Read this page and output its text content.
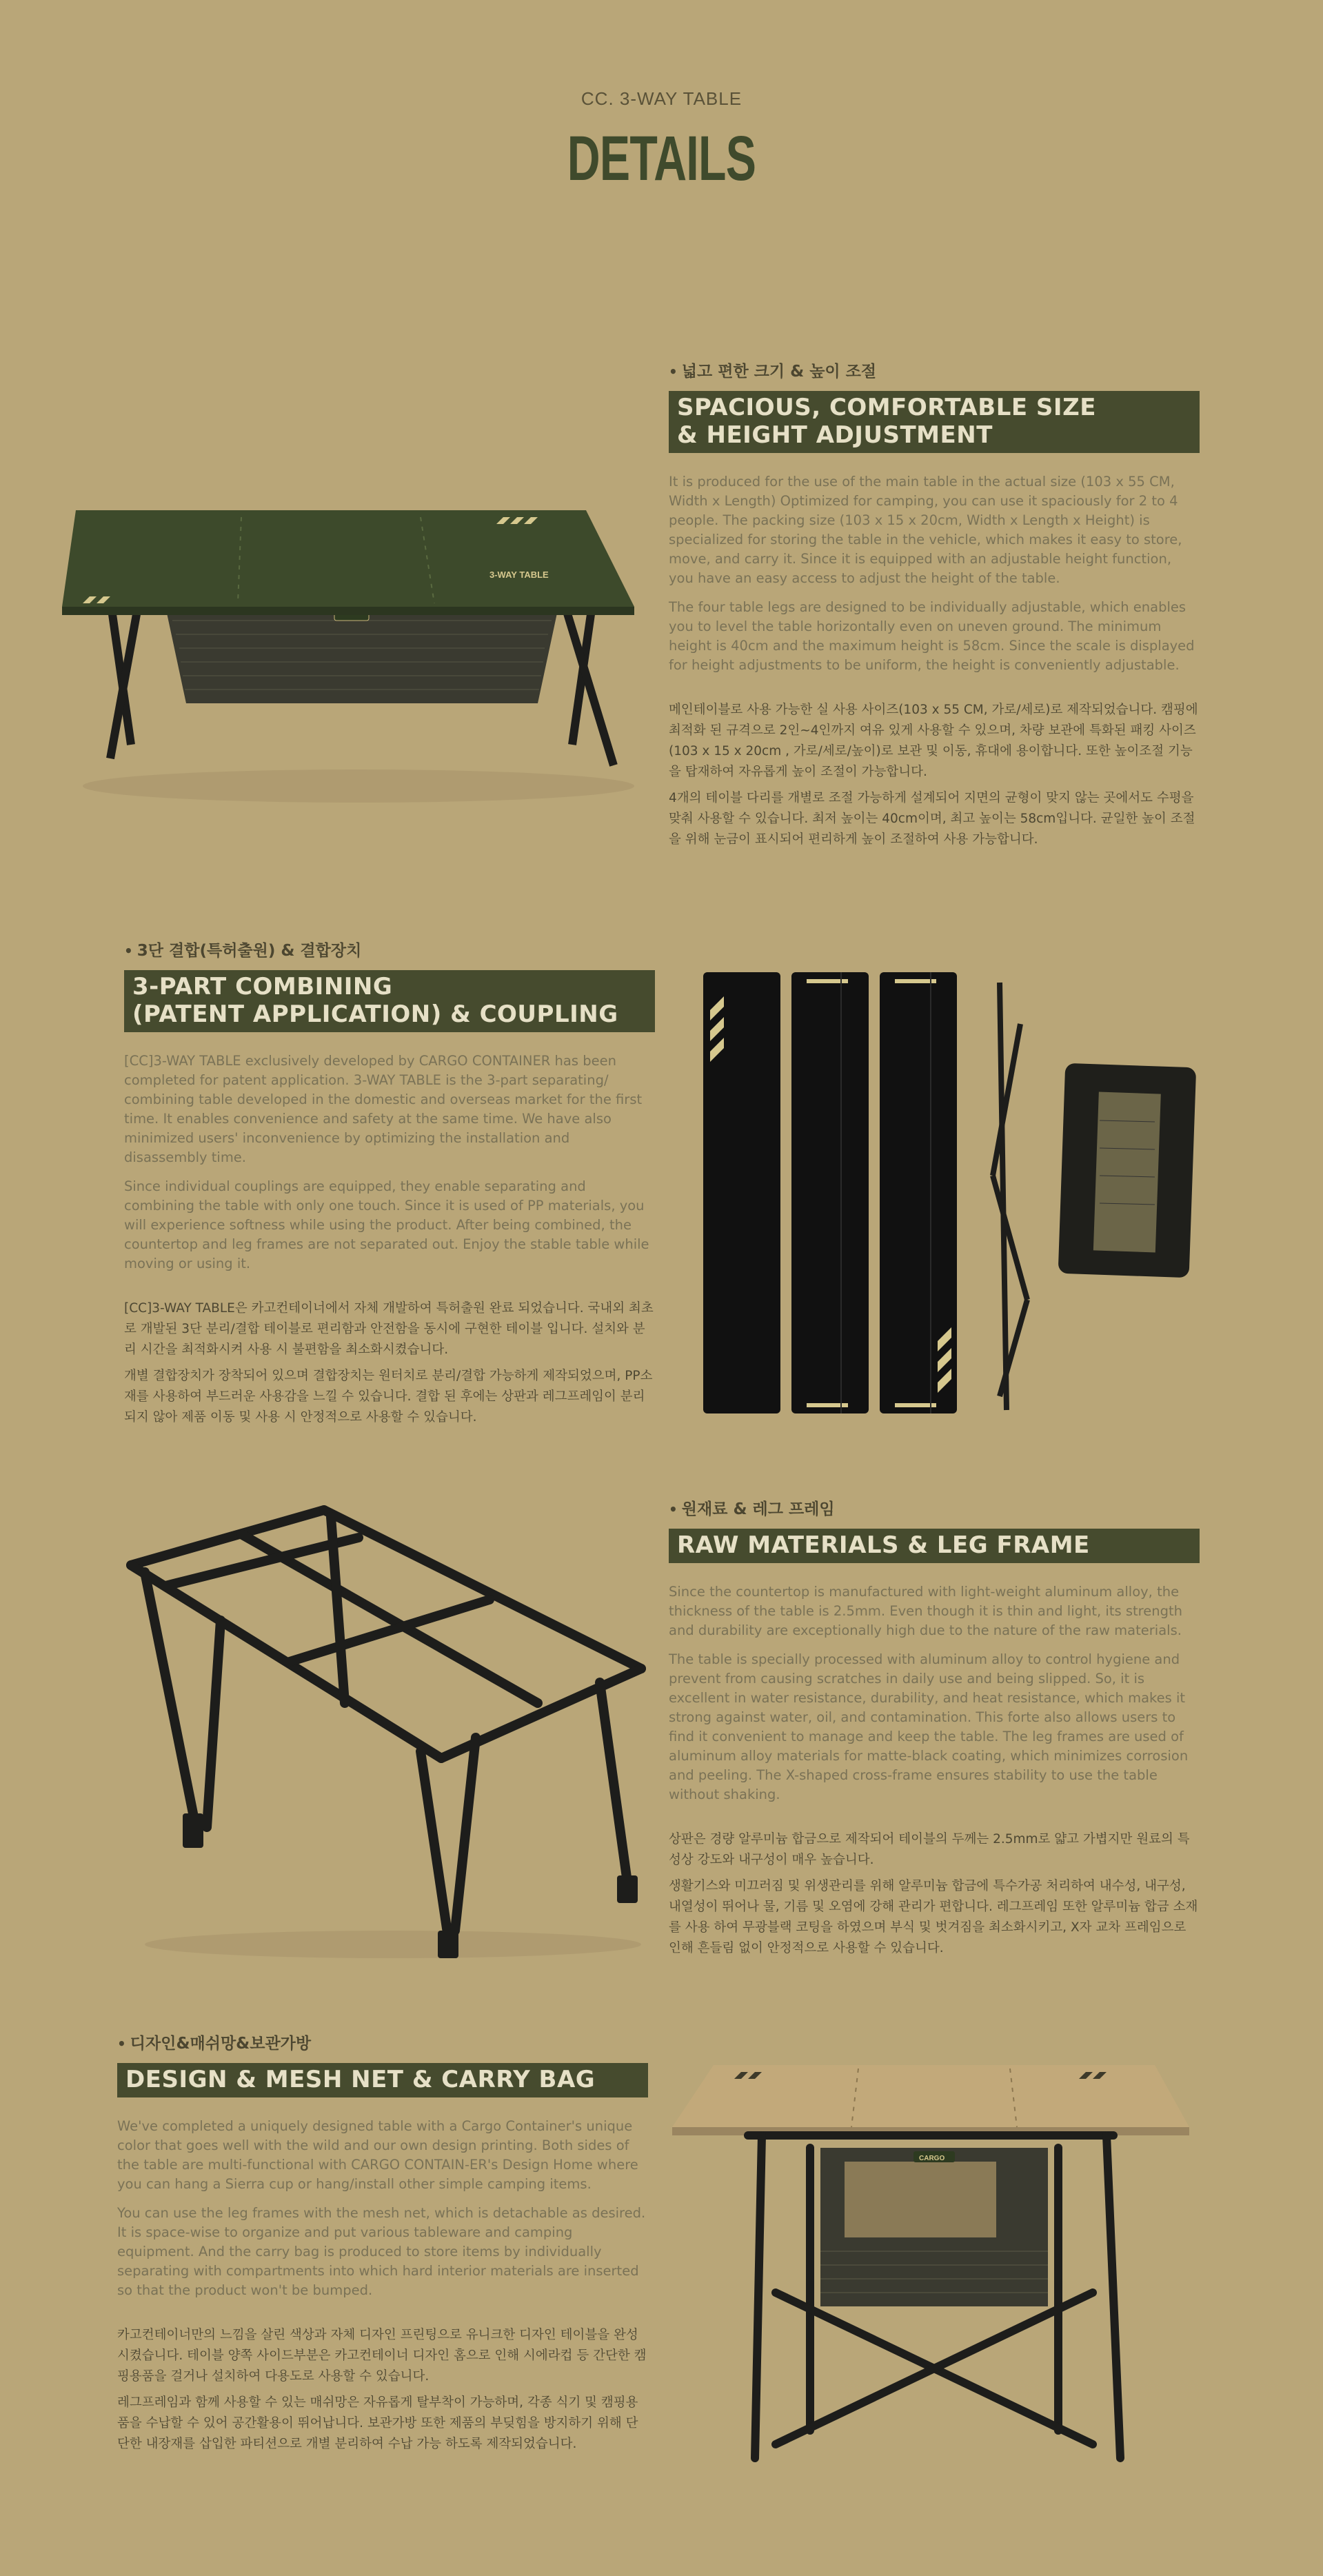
CC. 3-WAY TABLE
DETAILS
3-WAY TABLE
• 넓고 편한 크기 & 높이 조절
SPACIOUS, COMFORTABLE SIZE
& HEIGHT ADJUSTMENT

It is produced for the use of the main table in the actual size (103 x 55 CM, Width x Length) Optimized for camping, you can use it spaciously for 2 to 4 people. The packing size (103 x 15 x 20cm, Width x Length x Height) is specialized for storing the table in the vehicle, which makes it easy to store, move, and carry it. Since it is equipped with an adjustable height function, you have an easy access to adjust the height of the table.

The four table legs are designed to be individually adjustable, which enables you to level the table horizontally even on uneven ground. The minimum height is 40cm and the maximum height is 58cm. Since the scale is displayed for height adjustments to be uniform, the height is conveniently adjustable.

메인테이블로 사용 가능한 실 사용 사이즈(103 x 55 CM, 가로/세로)로 제작되었습니다. 캠핑에 최적화 된 규격으로 2인~4인까지 여유 있게 사용할 수 있으며, 차량 보관에 특화된 패킹 사이즈(103 x 15 x 20cm , 가로/세로/높이)로 보관 및 이동, 휴대에 용이합니다. 또한 높이조절 기능을 탑재하여 자유롭게 높이 조절이 가능합니다.

4개의 테이블 다리를 개별로 조절 가능하게 설계되어 지면의 균형이 맞지 않는 곳에서도 수평을 맞춰 사용할 수 있습니다. 최저 높이는 40cm이며, 최고 높이는 58cm입니다. 균일한 높이 조절을 위해 눈금이 표시되어 편리하게 높이 조절하여 사용 가능합니다.

• 3단 결합(특허출원) & 결합장치
3-PART COMBINING
(PATENT APPLICATION) & COUPLING

[CC]3-WAY TABLE exclusively developed by CARGO CONTAINER has been completed for patent application. 3-WAY TABLE is the 3-part separating/ combining table developed in the domestic and overseas market for the first time. It enables convenience and safety at the same time. We have also minimized users' inconvenience by optimizing the installation and disassembly time.

Since individual couplings are equipped, they enable separating and combining the table with only one touch. Since it is used of PP materials, you will experience softness while using the product. After being combined, the countertop and leg frames are not separated out. Enjoy the stable table while moving or using it.

[CC]3-WAY TABLE은 카고컨테이너에서 자체 개발하여 특허출원 완료 되었습니다. 국내외 최초로 개발된 3단 분리/결합 테이블로 편리함과 안전함을 동시에 구현한 테이블 입니다. 설치와 분리 시간을 최적화시켜 사용 시 불편함을 최소화시켰습니다.

개별 결합장치가 장착되어 있으며 결합장치는 원터치로 분리/결합 가능하게 제작되었으며, PP소재를 사용하여 부드러운 사용감을 느낄 수 있습니다. 결합 된 후에는 상판과 레그프레임이 분리되지 않아 제품 이동 및 사용 시 안정적으로 사용할 수 있습니다.

• 원재료 & 레그 프레임
RAW MATERIALS & LEG FRAME

Since the countertop is manufactured with light-weight aluminum alloy, the thickness of the table is 2.5mm. Even though it is thin and light, its strength and durability are exceptionally high due to the nature of the raw materials.

The table is specially processed with aluminum alloy to control hygiene and prevent from causing scratches in daily use and being slipped. So, it is excellent in water resistance, durability, and heat resistance, which makes it strong against water, oil, and contamination. This forte also allows users to find it convenient to manage and keep the table. The leg frames are used of aluminum alloy materials for matte-black coating, which minimizes corrosion and peeling. The X-shaped cross-frame ensures stability to use the table without shaking.

상판은 경량 알루미늄 합금으로 제작되어 테이블의 두께는 2.5mm로 얇고 가볍지만 원료의 특성상 강도와 내구성이 매우 높습니다.

생활기스와 미끄러짐 및 위생관리를 위해 알루미늄 합금에 특수가공 처리하여 내수성, 내구성, 내열성이 뛰어나 물, 기름 및 오염에 강해 관리가 편합니다. 레그프레임 또한 알루미늄 합금 소재를 사용 하여 무광블랙 코팅을 하였으며 부식 및 벗겨짐을 최소화시키고, X자 교차 프레임으로 인해 흔들림 없이 안정적으로 사용할 수 있습니다.

• 디자인&매쉬망&보관가방
DESIGN & MESH NET & CARRY BAG

We've completed a uniquely designed table with a Cargo Container's unique color that goes well with the wild and our own design printing. Both sides of the table are multi-functional with CARGO CONTAIN-ER's Design Home where you can hang a Sierra cup or hang/install other simple camping items.

You can use the leg frames with the mesh net, which is detachable as desired. It is space-wise to organize and put various tableware and camping equipment. And the carry bag is produced to store items by individually separating with compartments into which hard interior materials are inserted so that the product won't be bumped.

카고컨테이너만의 느낌을 살린 색상과 자체 디자인 프린팅으로 유니크한 디자인 테이블을 완성시켰습니다. 테이블 양쪽 사이드부분은 카고컨테이너 디자인 홈으로 인해 시에라컵 등 간단한 캠핑용품을 걸거나 설치하여 다용도로 사용할 수 있습니다.

레그프레임과 함께 사용할 수 있는 매쉬망은 자유롭게 탈부착이 가능하며, 각종 식기 및 캠핑용품을 수납할 수 있어 공간활용이 뛰어납니다. 보관가방 또한 제품의 부딪힘을 방지하기 위해 단단한 내장재를 삽입한 파티션으로 개별 분리하여 수납 가능 하도록 제작되었습니다.

CARGO
